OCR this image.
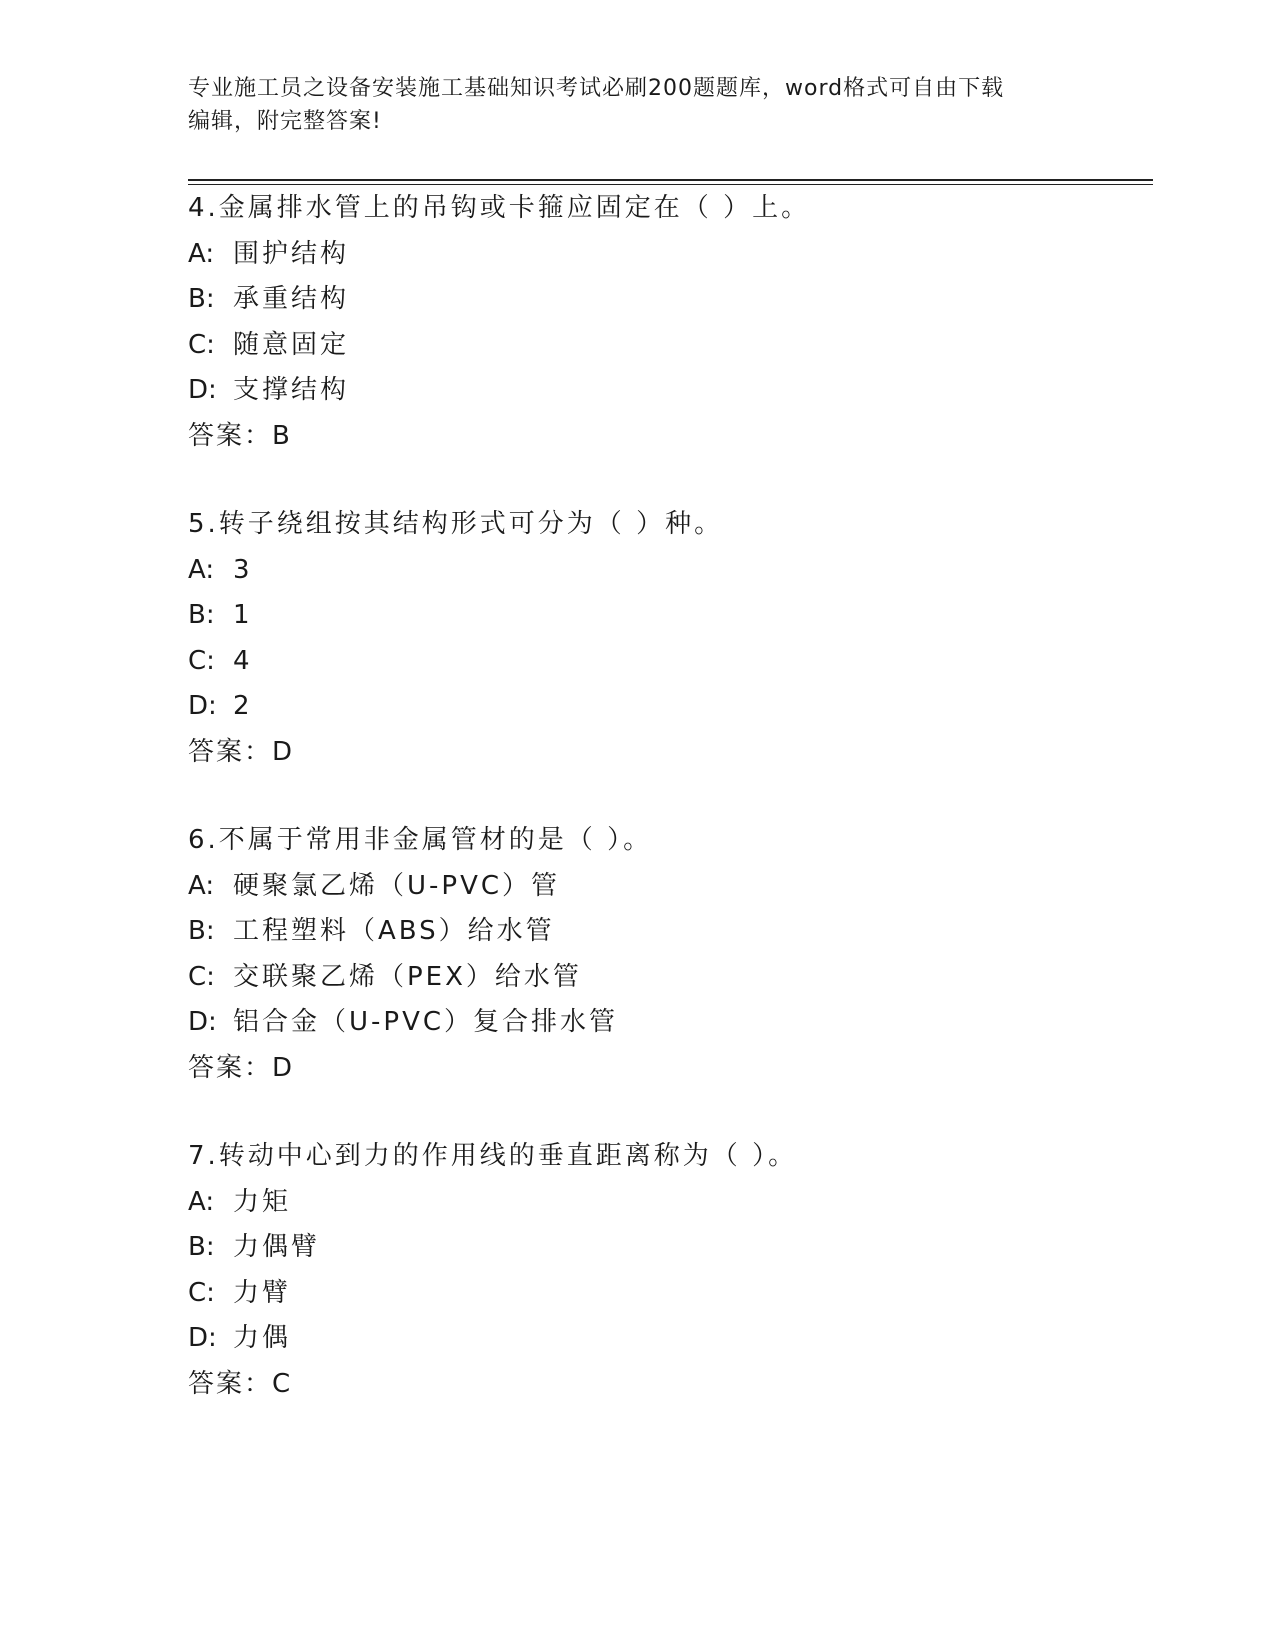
专业施工员之设备安装施工基础知识考试必刷200题题库，word格式可自由下载
编辑，附完整答案!
4.金属排水管上的吊钩或卡箍应固定在（ ）上。
A: 围护结构
B: 承重结构
C: 随意固定
D: 支撑结构
答案：B
5.转子绕组按其结构形式可分为（ ）种。
A: 3
B: 1
C: 4
D: 2
答案：D
6.不属于常用非金属管材的是（ ）。
A: 硬聚氯乙烯（U-PVC）管
B: 工程塑料（ABS）给水管
C: 交联聚乙烯（PEX）给水管
D: 铝合金（U-PVC）复合排水管
答案：D
7.转动中心到力的作用线的垂直距离称为（ ）。
A: 力矩
B: 力偶臂
C: 力臂
D: 力偶
答案：C
